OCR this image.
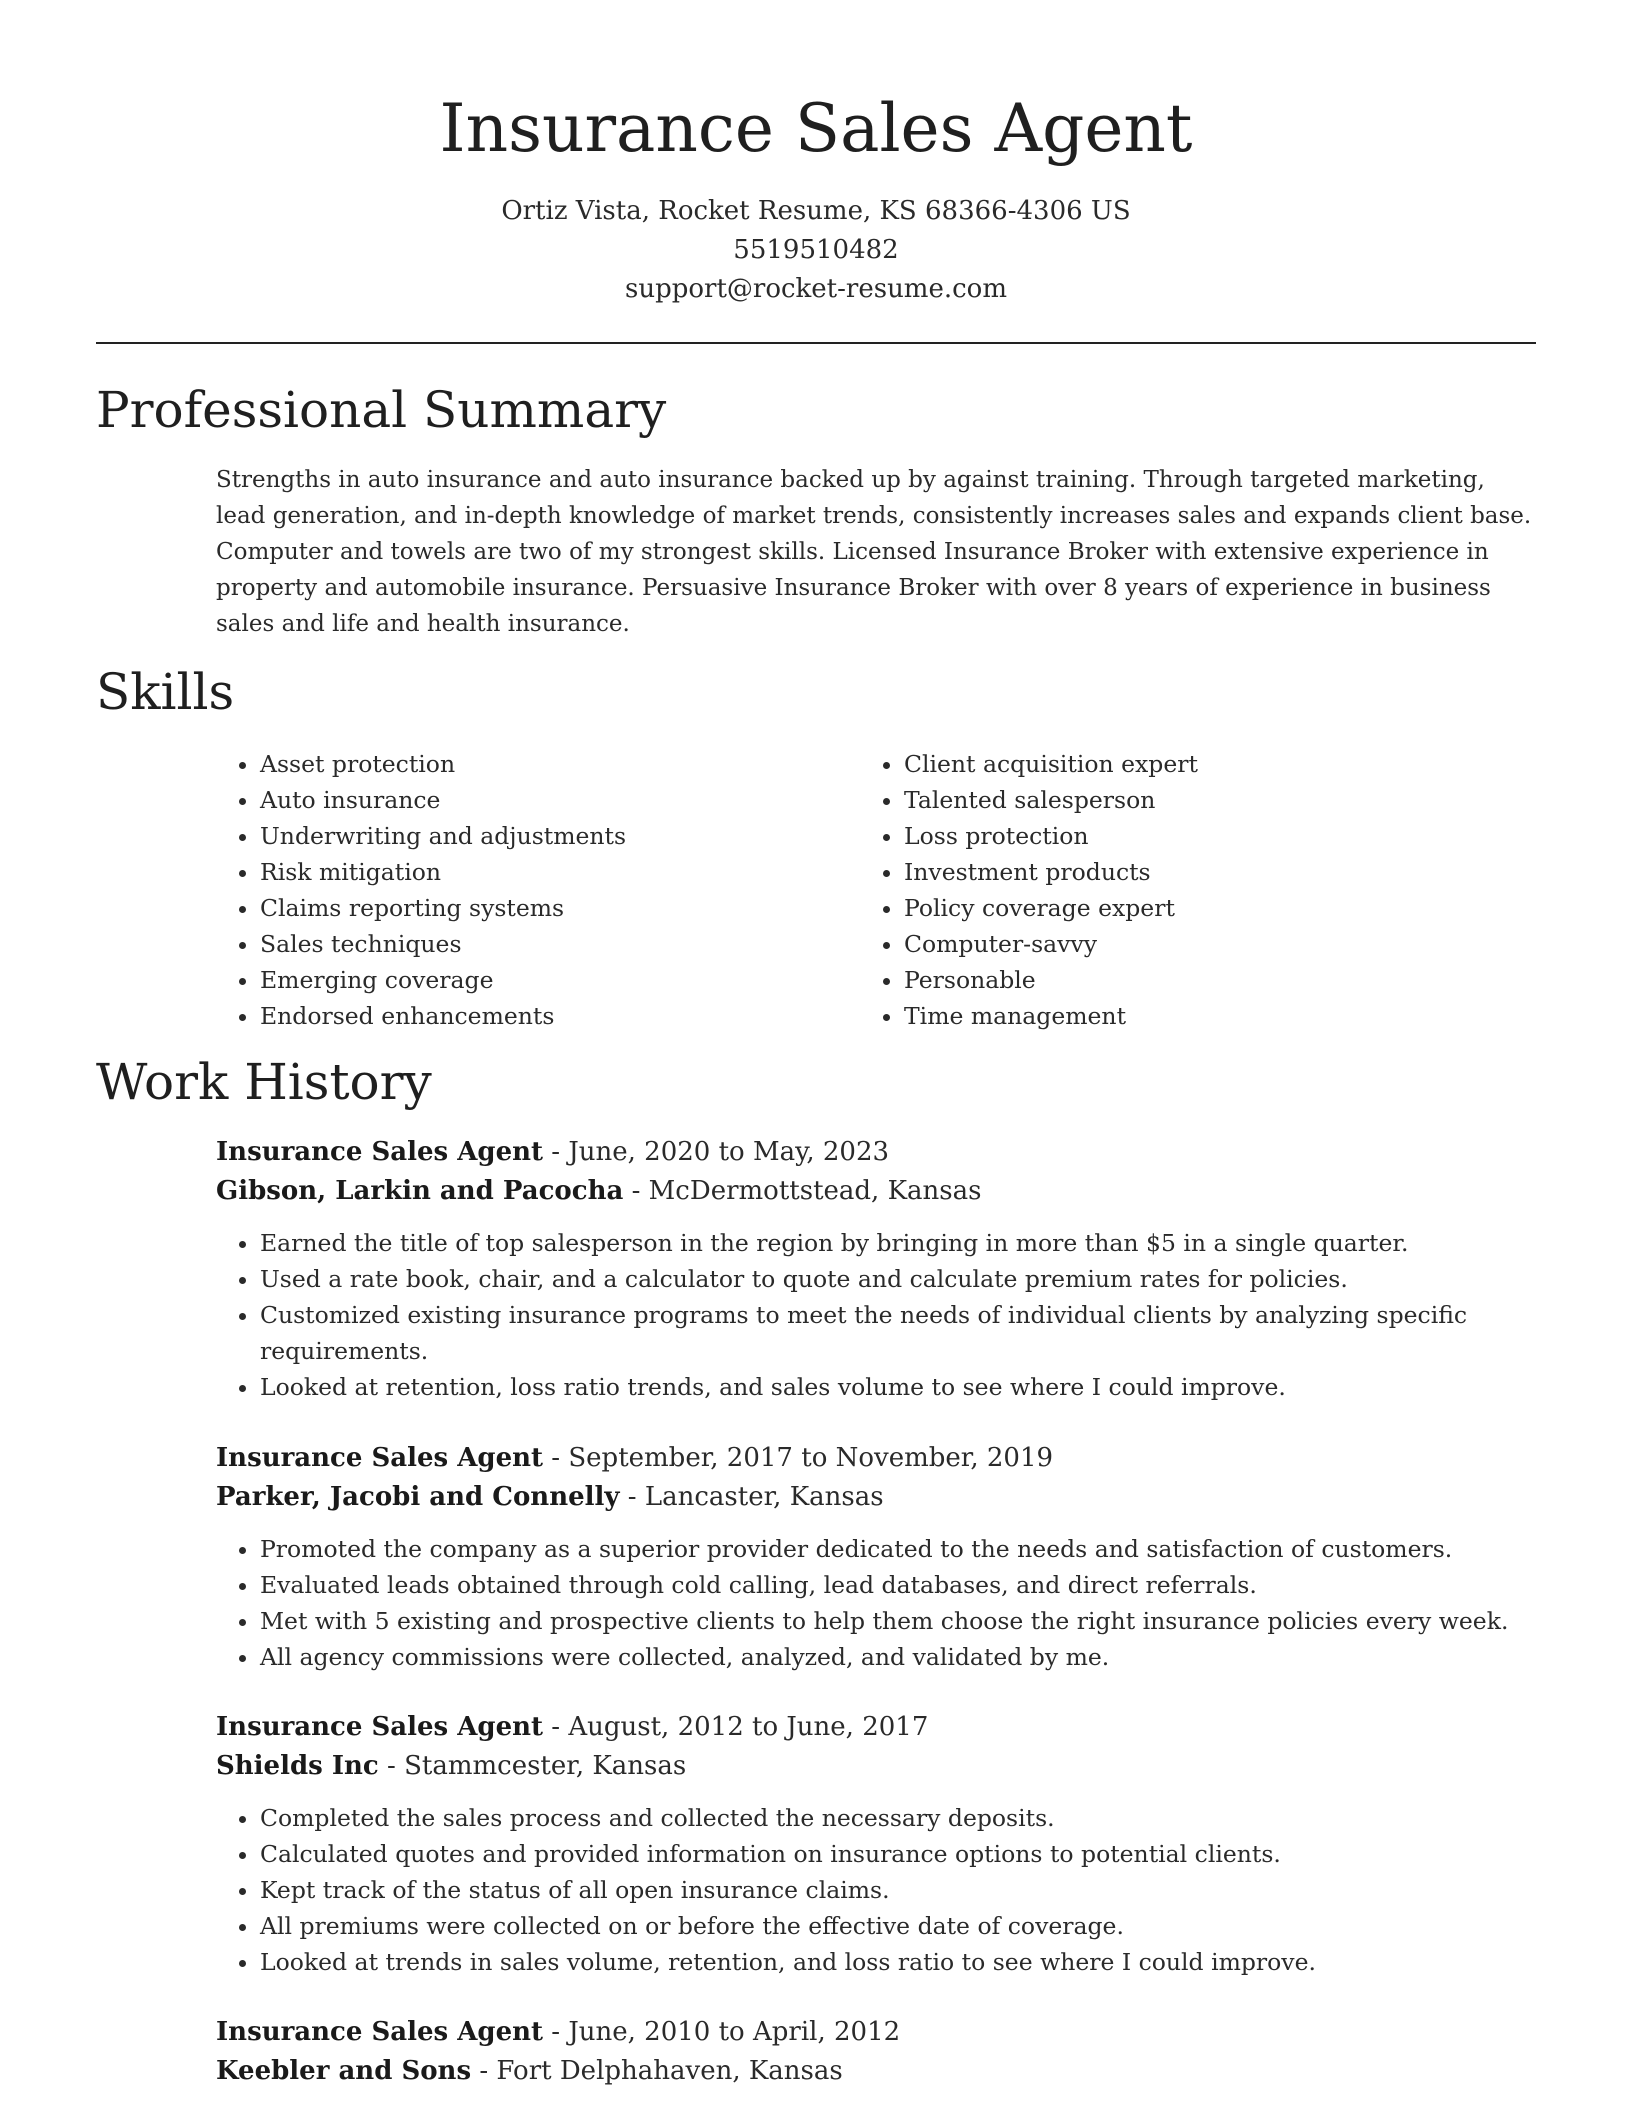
Insurance Sales Agent
Ortiz Vista, Rocket Resume, KS 68366-4306 US
5519510482
support@rocket-resume.com
Professional Summary

Strengths in auto insurance and auto insurance backed up by against training. Through targeted marketing, lead generation, and in-depth knowledge of market trends, consistently increases sales and expands client base. Computer and towels are two of my strongest skills. Licensed Insurance Broker with extensive experience in property and automobile insurance. Persuasive Insurance Broker with over 8 years of experience in business sales and life and health insurance.

Skills
• Asset protection
• Auto insurance
• Underwriting and adjustments
• Risk mitigation
• Claims reporting systems
• Sales techniques
• Emerging coverage
• Endorsed enhancements
• Client acquisition expert
• Talented salesperson
• Loss protection
• Investment products
• Policy coverage expert
• Computer-savvy
• Personable
• Time management
Work History
Insurance Sales Agent - June, 2020 to May, 2023
Gibson, Larkin and Pacocha - McDermottstead, Kansas
• Earned the title of top salesperson in the region by bringing in more than $5 in a single quarter.
• Used a rate book, chair, and a calculator to quote and calculate premium rates for policies.
• Customized existing insurance programs to meet the needs of individual clients by analyzing specific requirements.
• Looked at retention, loss ratio trends, and sales volume to see where I could improve.
Insurance Sales Agent - September, 2017 to November, 2019
Parker, Jacobi and Connelly - Lancaster, Kansas
• Promoted the company as a superior provider dedicated to the needs and satisfaction of customers.
• Evaluated leads obtained through cold calling, lead databases, and direct referrals.
• Met with 5 existing and prospective clients to help them choose the right insurance policies every week.
• All agency commissions were collected, analyzed, and validated by me.
Insurance Sales Agent - August, 2012 to June, 2017
Shields Inc - Stammcester, Kansas
• Completed the sales process and collected the necessary deposits.
• Calculated quotes and provided information on insurance options to potential clients.
• Kept track of the status of all open insurance claims.
• All premiums were collected on or before the effective date of coverage.
• Looked at trends in sales volume, retention, and loss ratio to see where I could improve.
Insurance Sales Agent - June, 2010 to April, 2012
Keebler and Sons - Fort Delphahaven, Kansas
